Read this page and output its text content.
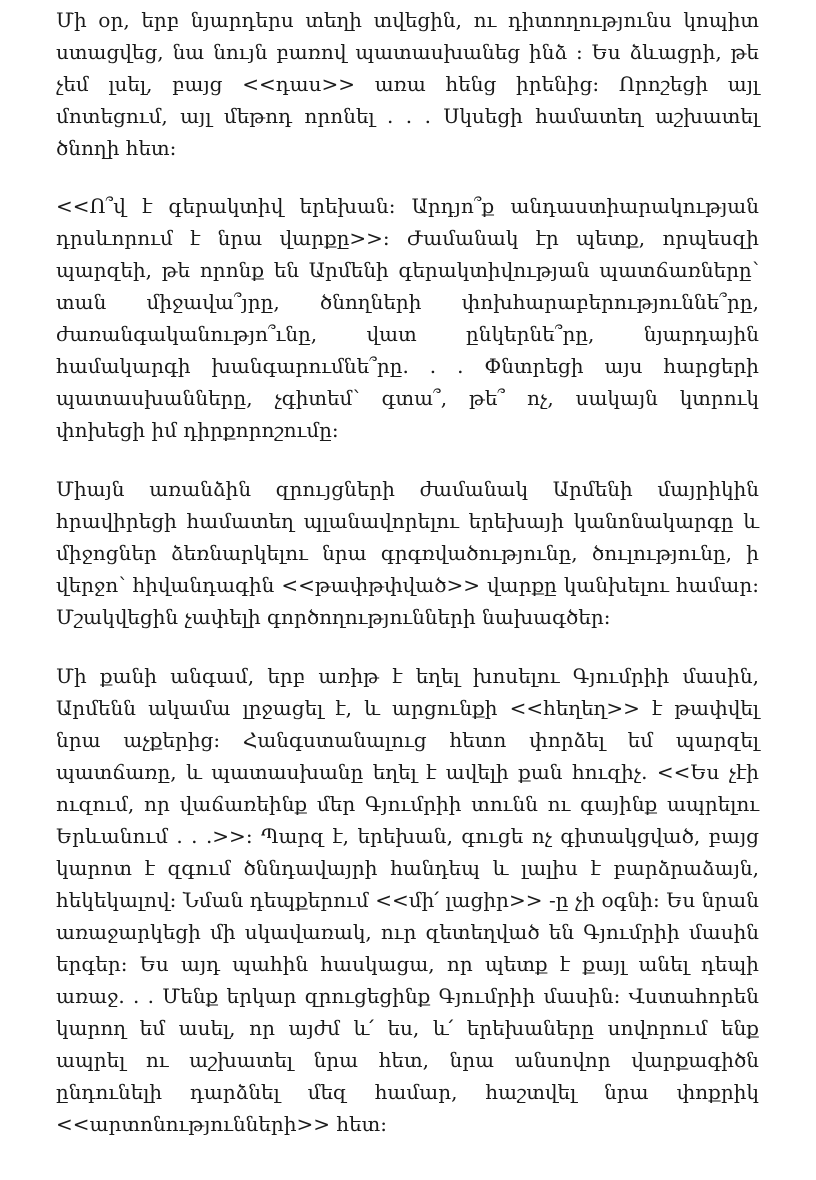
Մի օր, երբ նյարդերս տեղի տվեցին, ու դիտողությունս կոպիտ ստացվեց, նա նույն բառով պատասխանեց ինձ : Ես ձևացրի, թե չեմ լսել, բայց <<դաս>> առա հենց իրենից: Որոշեցի այլ մոտեցում, այլ մեթոդ որոնել . . . Սկսեցի համատեղ աշխատել ծնողի հետ:

<<Ո՞վ է գերակտիվ երեխան: Արդյո՞ք անդաստիարակության դրսևորում է նրա վարքը>>: Ժամանակ էր պետք, որպեսզի պարզեի, թե որոնք են Արմենի գերակտիվության պատճառները՝ տան միջավա՞յրը, ծնողների փոխհարաբերություննե՞րը, ժառանգականությո՞ւնը, վատ ընկերնե՞րը, նյարդային համակարգի խանգարումնե՞րը. . . Փնտրեցի այս հարցերի պատասխանները, չգիտեմ՝ գտա՞, թե՞ ոչ, սակայն կտրուկ փոխեցի իմ դիրքորոշումը:

Միայն առանձին զրույցների ժամանակ Արմենի մայրիկին հրավիրեցի համատեղ պլանավորելու երեխայի կանոնակարգը և միջոցներ ձեռնարկելու նրա գրգռվածությունը, ծուլությունը, ի վերջո՝ հիվանդագին <<թափթփված>> վարքը կանխելու համար: Մշակվեցին չափելի գործողությունների նախագծեր:

Մի քանի անգամ, երբ առիթ է եղել խոսելու Գյումրիի մասին, Արմենն ակամա լրջացել է, և արցունքի <<հեղեղ>> է թափվել նրա աչքերից: Հանգստանալուց հետո փորձել եմ պարզել պատճառը, և պատասխանը եղել է ավելի քան հուզիչ. <<Ես չէի ուզում, որ վաճառեինք մեր Գյումրիի տունն ու գայինք ապրելու Երևանում . . .>>: Պարզ է, երեխան, գուցե ոչ գիտակցված, բայց կարոտ է զգում ծննդավայրի հանդեպ և լալիս է բարձրաձայն, հեկեկալով: Նման դեպքերում <<մի՛ լացիր>> -ը չի օգնի: Ես նրան առաջարկեցի մի սկավառակ, ուր զետեղված են Գյումրիի մասին երգեր: Ես այդ պահին հասկացա, որ պետք է քայլ անել դեպի առաջ. . . Մենք երկար զրուցեցինք Գյումրիի մասին: Վստահորեն կարող եմ ասել, որ այժմ և՛ ես, և՛ երեխաները սովորում ենք ապրել ու աշխատել նրա հետ, նրա անսովոր վարքագիծն ընդունելի դարձնել մեզ համար, հաշտվել նրա փոքրիկ <<արտոնությունների>> հետ:
